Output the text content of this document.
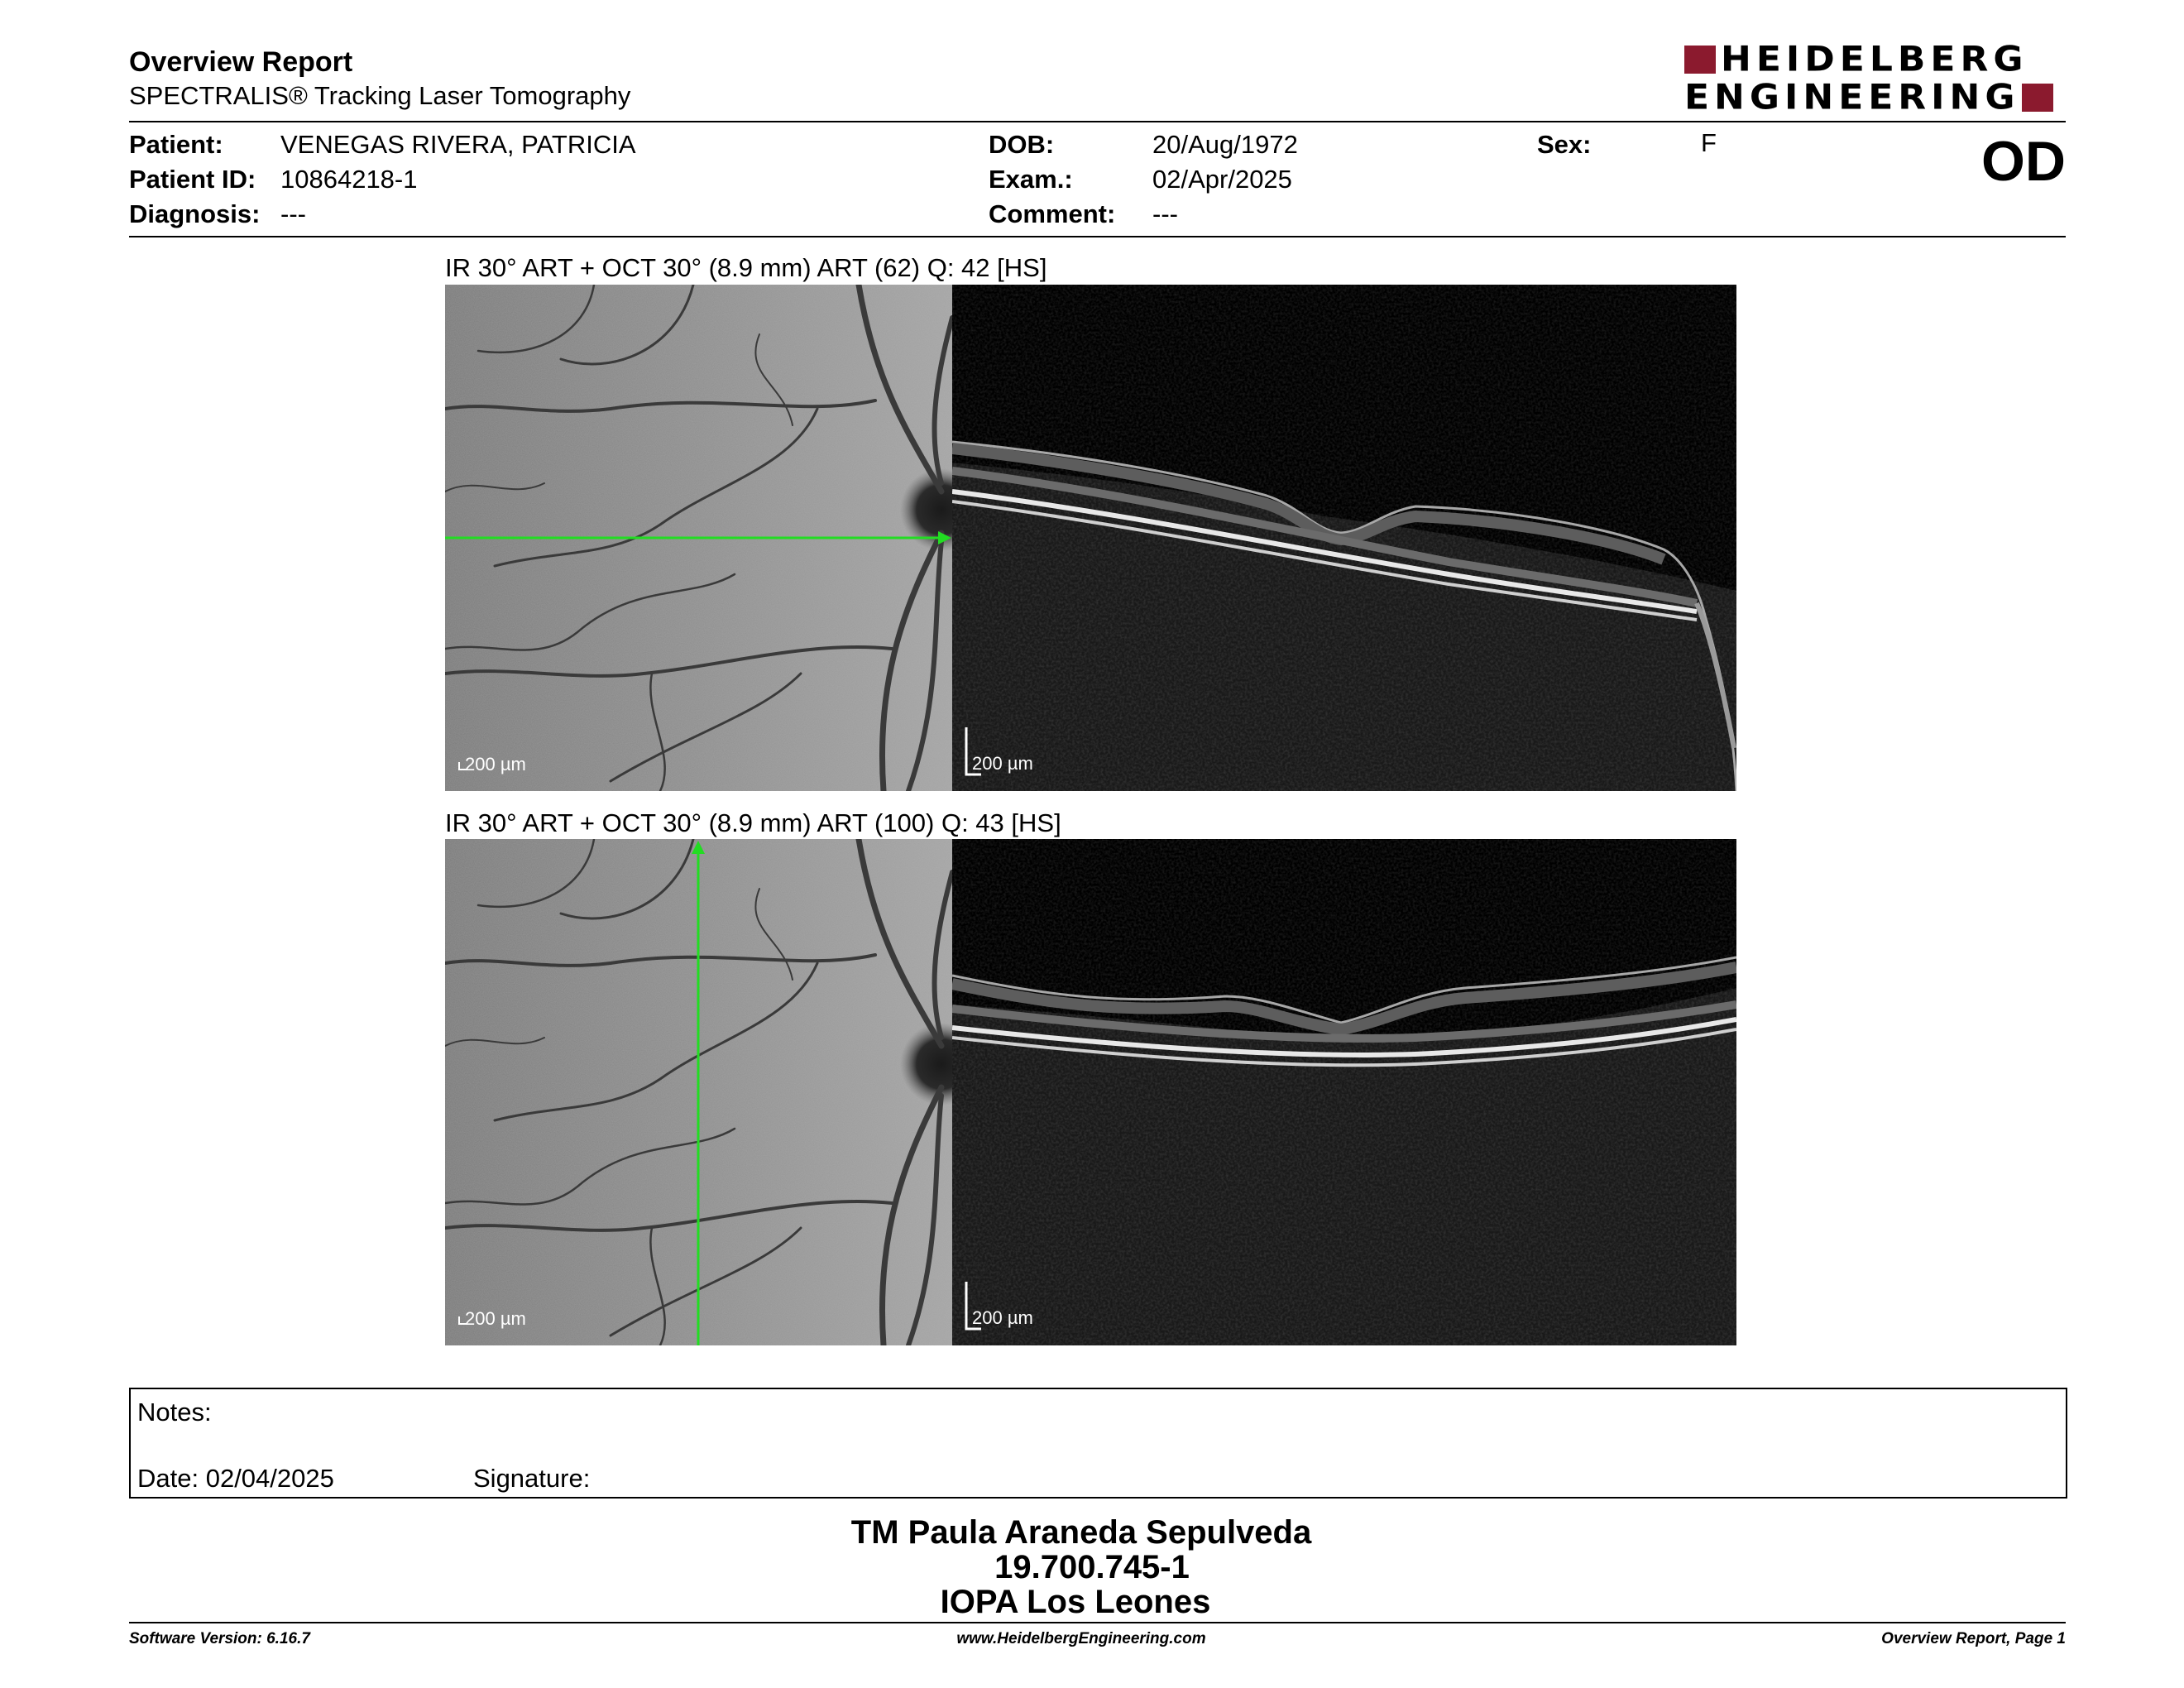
Overview Report
SPECTRALIS® Tracking Laser Tomography
HEIDELBERG
ENGINEERING
Patient: VENEGAS RIVERA, PATRICIA
Patient ID: 10864218-1
Diagnosis: ---
DOB:	20/Aug/1972
Exam.:	02/Apr/2025
Comment: ---
Sex:	F	OD
IR 30° ART + OCT 30° (8.9 mm) ART (62) Q: 42 [HS]
200 µm	200 µm
IR 30° ART + OCT 30° (8.9 mm) ART (100) Q: 43 [HS]
200 µm	200 µm
Notes:
Date: 02/04/2025	Signature:
TM Paula Araneda Sepulveda
19.700.745-1
IOPA Los Leones
Software Version: 6.16.7	www.HeidelbergEngineering.com	Overview Report, Page 1
